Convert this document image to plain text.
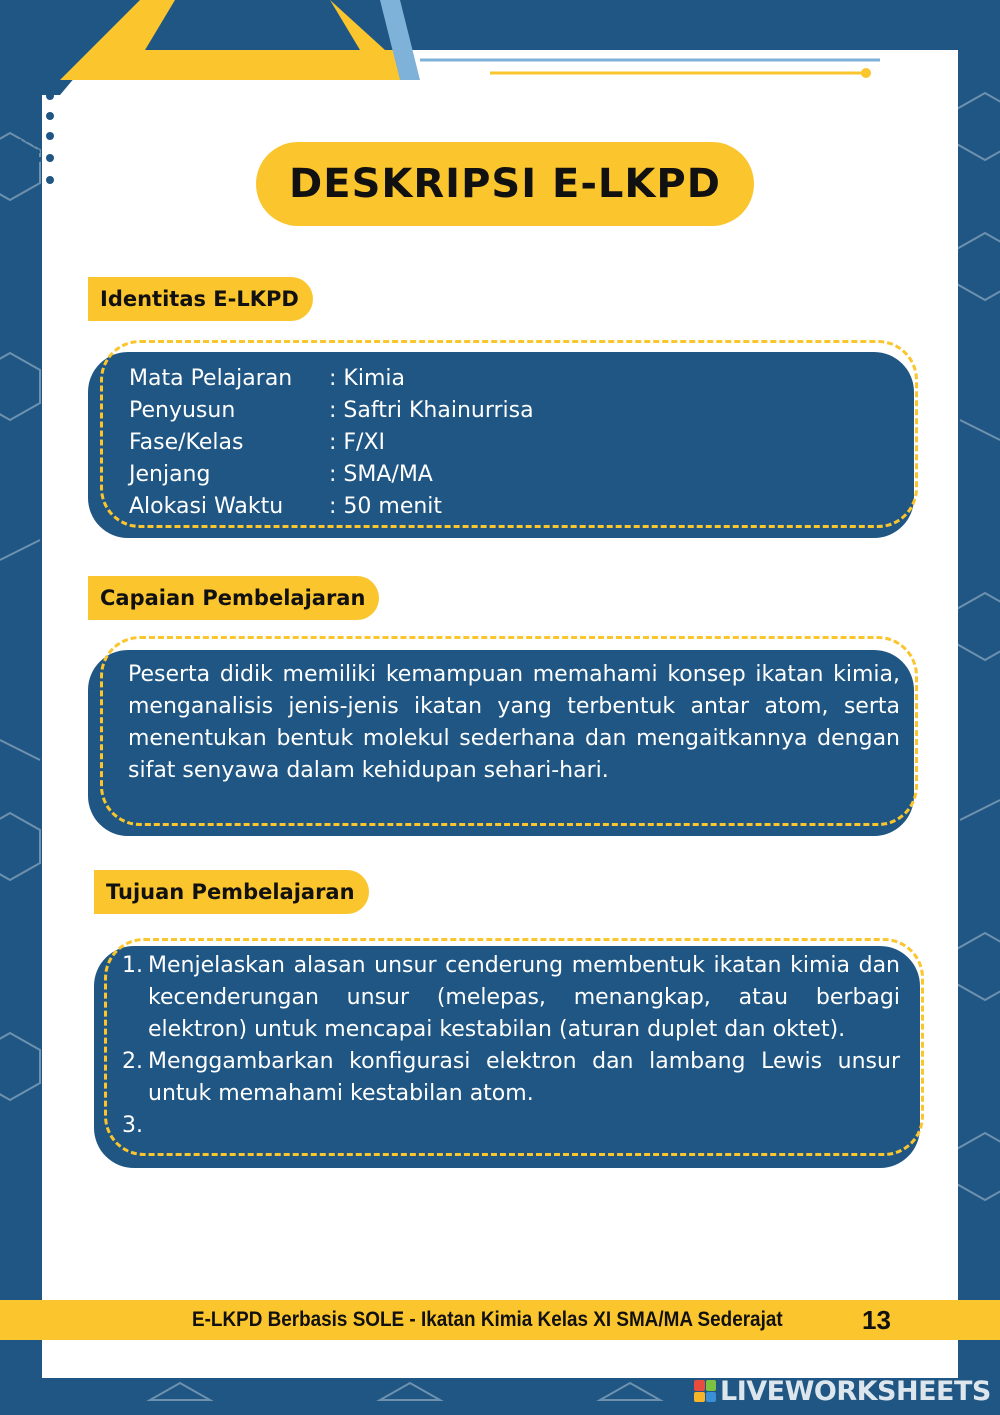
DESKRIPSI E-LKPD
Identitas E-LKPD
Mata Pelajaran	: Kimia
Penyusun	: Saftri Khainurrisa
Fase/Kelas	: F/XI
Jenjang	: SMA/MA
Alokasi Waktu	: 50 menit
Capaian Pembelajaran
Peserta didik memiliki kemampuan memahami konsep ikatan kimia, menganalisis jenis-jenis ikatan yang terbentuk antar atom, serta menentukan bentuk molekul sederhana dan mengaitkannya dengan sifat senyawa dalam kehidupan sehari-hari.
Tujuan Pembelajaran
1. Menjelaskan alasan unsur cenderung membentuk ikatan kimia dan kecenderungan unsur (melepas, menangkap, atau berbagi elektron) untuk mencapai kestabilan (aturan duplet dan oktet).
2. Menggambarkan konfigurasi elektron dan lambang Lewis unsur untuk memahami kestabilan atom.
3.
E-LKPD Berbasis SOLE - Ikatan Kimia Kelas XI SMA/MA Sederajat	13
LIVEWORKSHEETS
